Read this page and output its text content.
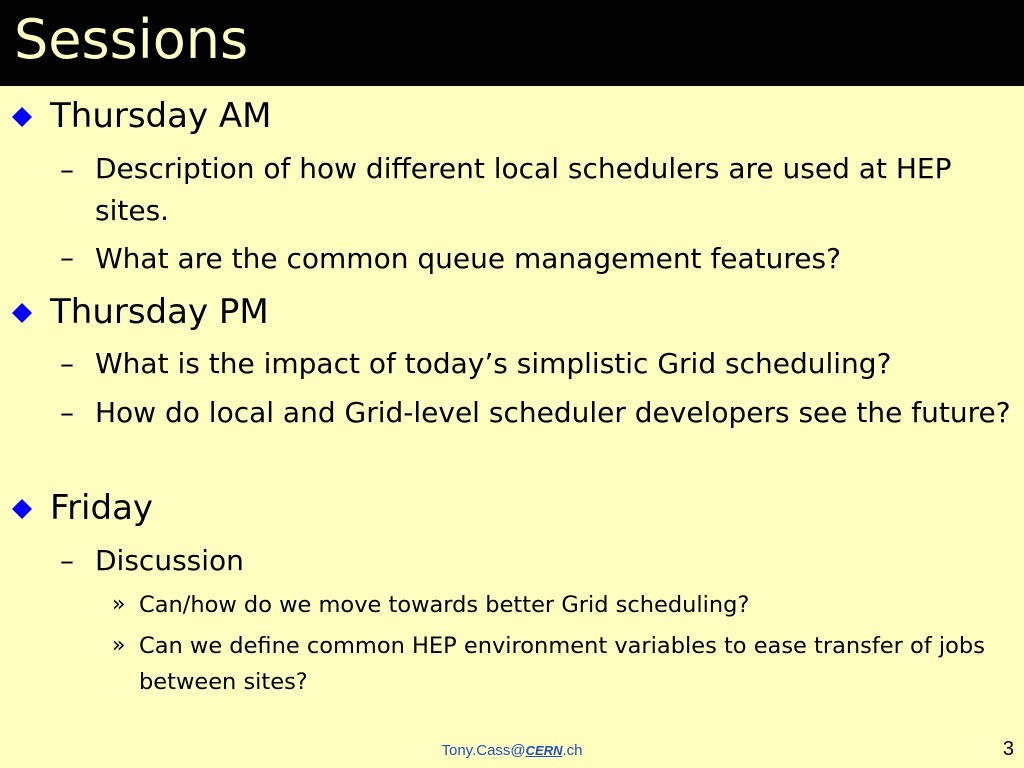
Sessions
Thursday AM
– Description of how different local schedulers are used at HEP sites.
– What are the common queue management features?
Thursday PM
– What is the impact of today’s simplistic Grid scheduling?
– How do local and Grid-level scheduler developers see the future?
Friday
– Discussion
» Can/how do we move towards better Grid scheduling?
» Can we define common HEP environment variables to ease transfer of jobs between sites?
Tony.Cass@CERN.ch	3
